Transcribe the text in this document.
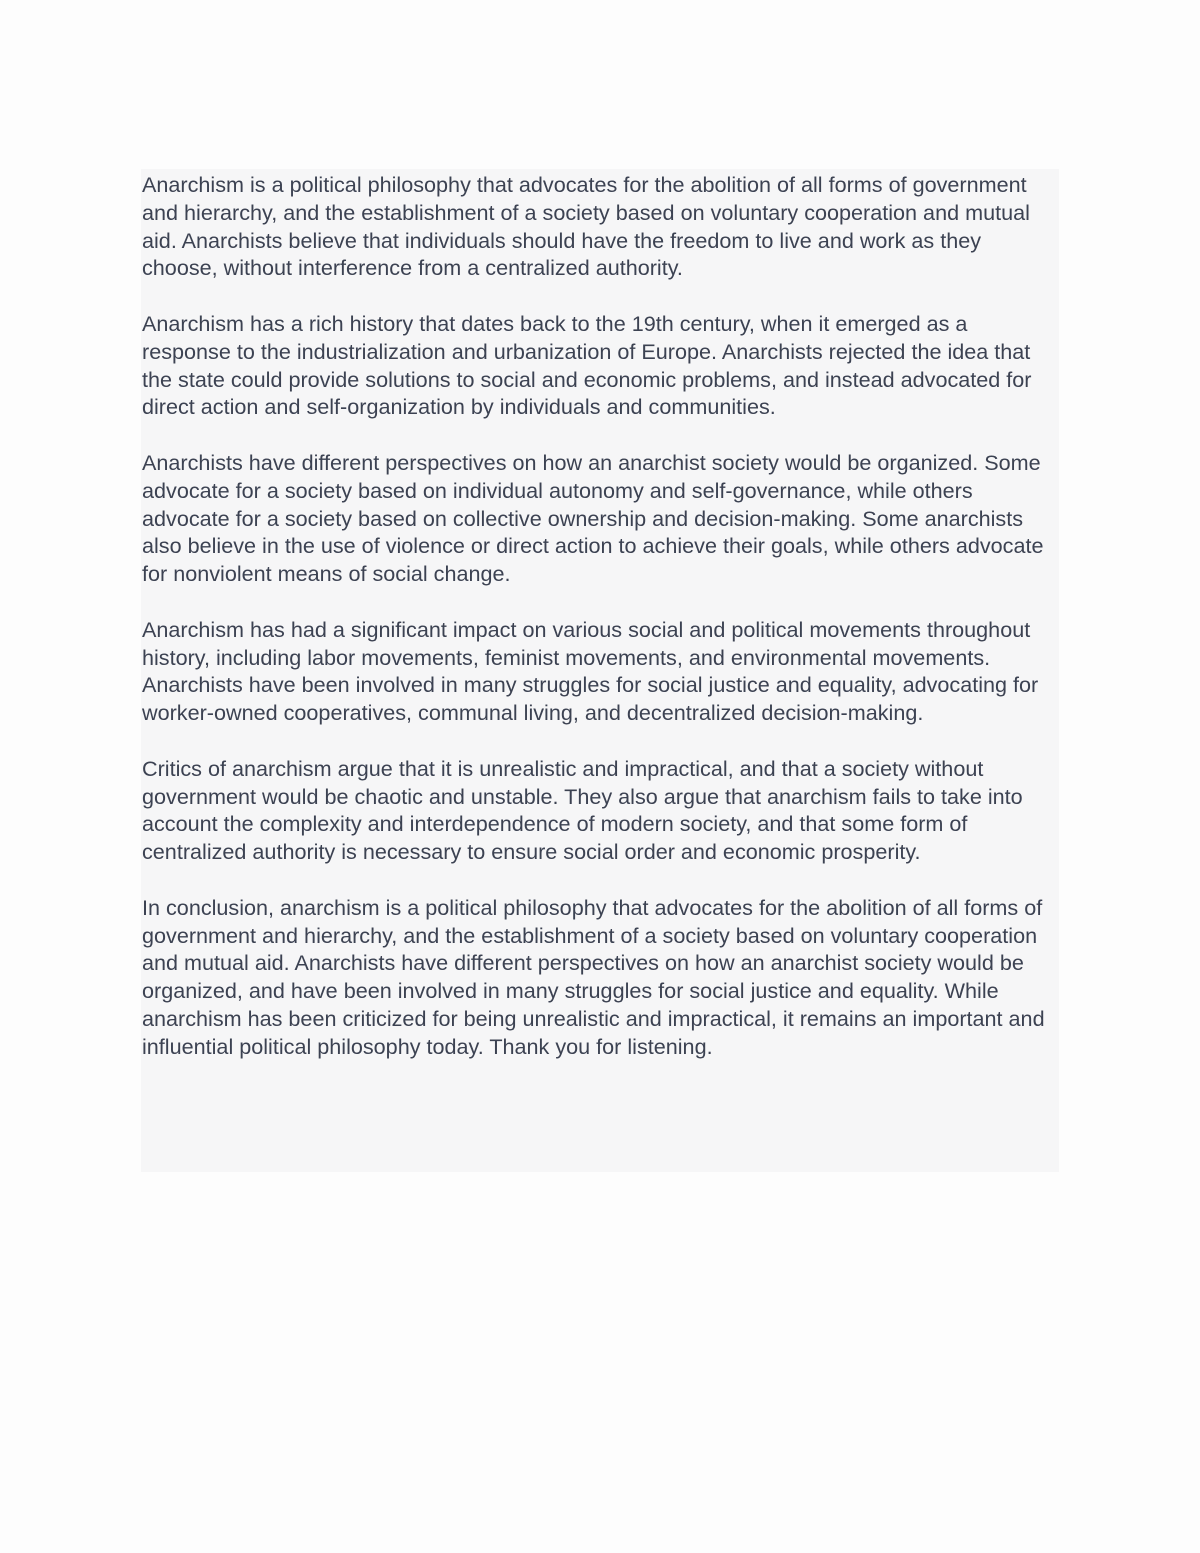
Anarchism is a political philosophy that advocates for the abolition of all forms of government and hierarchy, and the establishment of a society based on voluntary cooperation and mutual aid. Anarchists believe that individuals should have the freedom to live and work as they choose, without interference from a centralized authority.

Anarchism has a rich history that dates back to the 19th century, when it emerged as a response to the industrialization and urbanization of Europe. Anarchists rejected the idea that the state could provide solutions to social and economic problems, and instead advocated for direct action and self-organization by individuals and communities.

Anarchists have different perspectives on how an anarchist society would be organized. Some advocate for a society based on individual autonomy and self-governance, while others advocate for a society based on collective ownership and decision-making. Some anarchists also believe in the use of violence or direct action to achieve their goals, while others advocate for nonviolent means of social change.

Anarchism has had a significant impact on various social and political movements throughout history, including labor movements, feminist movements, and environmental movements. Anarchists have been involved in many struggles for social justice and equality, advocating for worker-owned cooperatives, communal living, and decentralized decision-making.

Critics of anarchism argue that it is unrealistic and impractical, and that a society without government would be chaotic and unstable. They also argue that anarchism fails to take into account the complexity and interdependence of modern society, and that some form of centralized authority is necessary to ensure social order and economic prosperity.

In conclusion, anarchism is a political philosophy that advocates for the abolition of all forms of government and hierarchy, and the establishment of a society based on voluntary cooperation and mutual aid. Anarchists have different perspectives on how an anarchist society would be organized, and have been involved in many struggles for social justice and equality. While anarchism has been criticized for being unrealistic and impractical, it remains an important and influential political philosophy today. Thank you for listening.
